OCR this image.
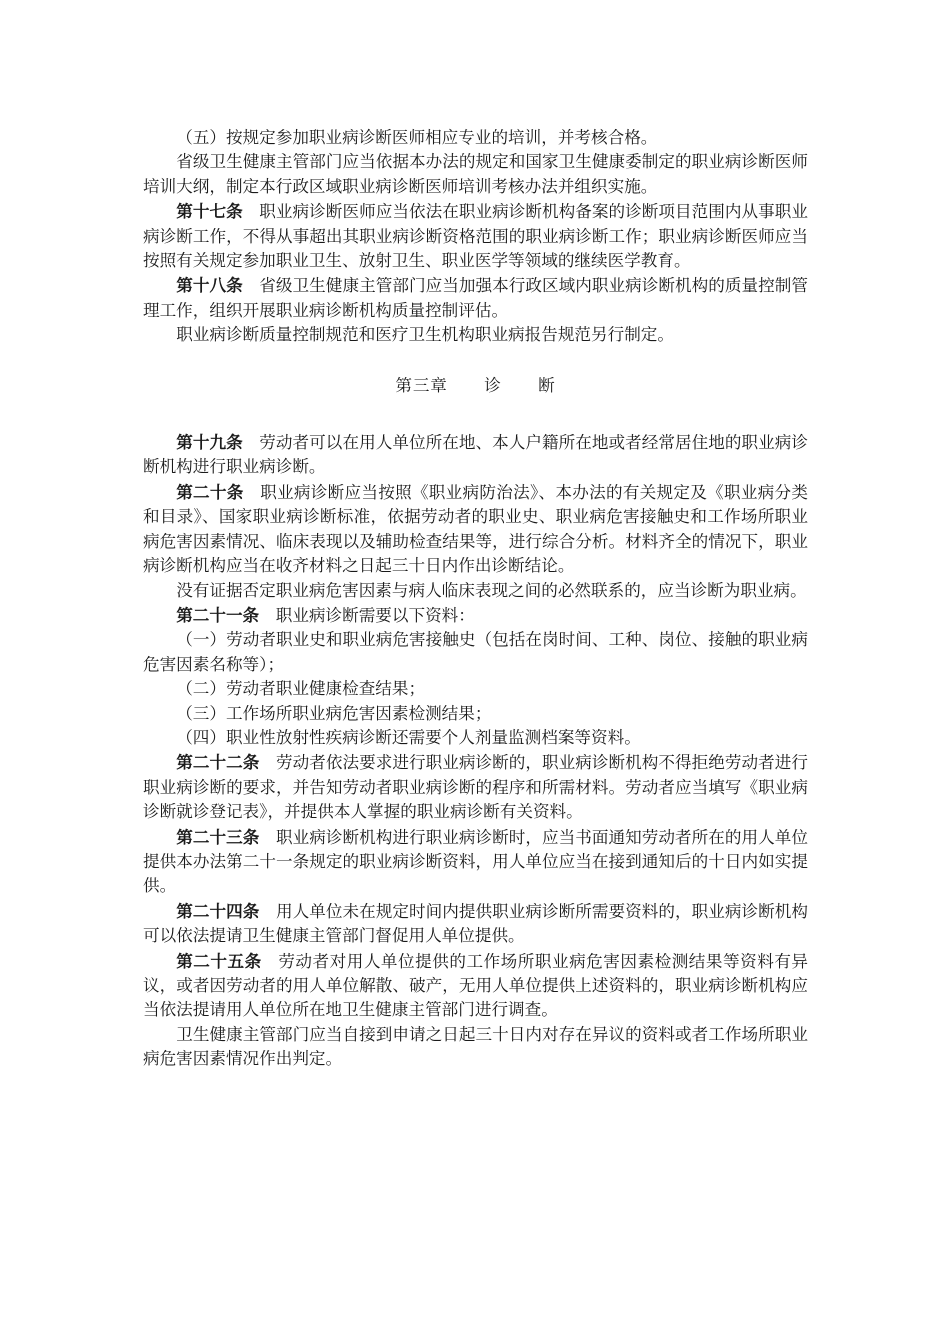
（五）按规定参加职业病诊断医师相应专业的培训，并考核合格。

省级卫生健康主管部门应当依据本办法的规定和国家卫生健康委制定的职业病诊断医师培训大纲，制定本行政区域职业病诊断医师培训考核办法并组织实施。

第十七条 职业病诊断医师应当依法在职业病诊断机构备案的诊断项目范围内从事职业病诊断工作，不得从事超出其职业病诊断资格范围的职业病诊断工作；职业病诊断医师应当按照有关规定参加职业卫生、放射卫生、职业医学等领域的继续医学教育。

第十八条 省级卫生健康主管部门应当加强本行政区域内职业病诊断机构的质量控制管理工作，组织开展职业病诊断机构质量控制评估。

职业病诊断质量控制规范和医疗卫生机构职业病报告规范另行制定。

第三章 诊 断

第十九条 劳动者可以在用人单位所在地、本人户籍所在地或者经常居住地的职业病诊断机构进行职业病诊断。

第二十条 职业病诊断应当按照《职业病防治法》、本办法的有关规定及《职业病分类和目录》、国家职业病诊断标准，依据劳动者的职业史、职业病危害接触史和工作场所职业病危害因素情况、临床表现以及辅助检查结果等，进行综合分析。材料齐全的情况下，职业病诊断机构应当在收齐材料之日起三十日内作出诊断结论。

没有证据否定职业病危害因素与病人临床表现之间的必然联系的，应当诊断为职业病。

第二十一条 职业病诊断需要以下资料：

（一）劳动者职业史和职业病危害接触史（包括在岗时间、工种、岗位、接触的职业病危害因素名称等）；

（二）劳动者职业健康检查结果；

（三）工作场所职业病危害因素检测结果；

（四）职业性放射性疾病诊断还需要个人剂量监测档案等资料。

第二十二条 劳动者依法要求进行职业病诊断的，职业病诊断机构不得拒绝劳动者进行职业病诊断的要求，并告知劳动者职业病诊断的程序和所需材料。劳动者应当填写《职业病诊断就诊登记表》，并提供本人掌握的职业病诊断有关资料。

第二十三条 职业病诊断机构进行职业病诊断时，应当书面通知劳动者所在的用人单位提供本办法第二十一条规定的职业病诊断资料，用人单位应当在接到通知后的十日内如实提供。

第二十四条 用人单位未在规定时间内提供职业病诊断所需要资料的，职业病诊断机构可以依法提请卫生健康主管部门督促用人单位提供。

第二十五条 劳动者对用人单位提供的工作场所职业病危害因素检测结果等资料有异议，或者因劳动者的用人单位解散、破产，无用人单位提供上述资料的，职业病诊断机构应当依法提请用人单位所在地卫生健康主管部门进行调查。

卫生健康主管部门应当自接到申请之日起三十日内对存在异议的资料或者工作场所职业病危害因素情况作出判定。
